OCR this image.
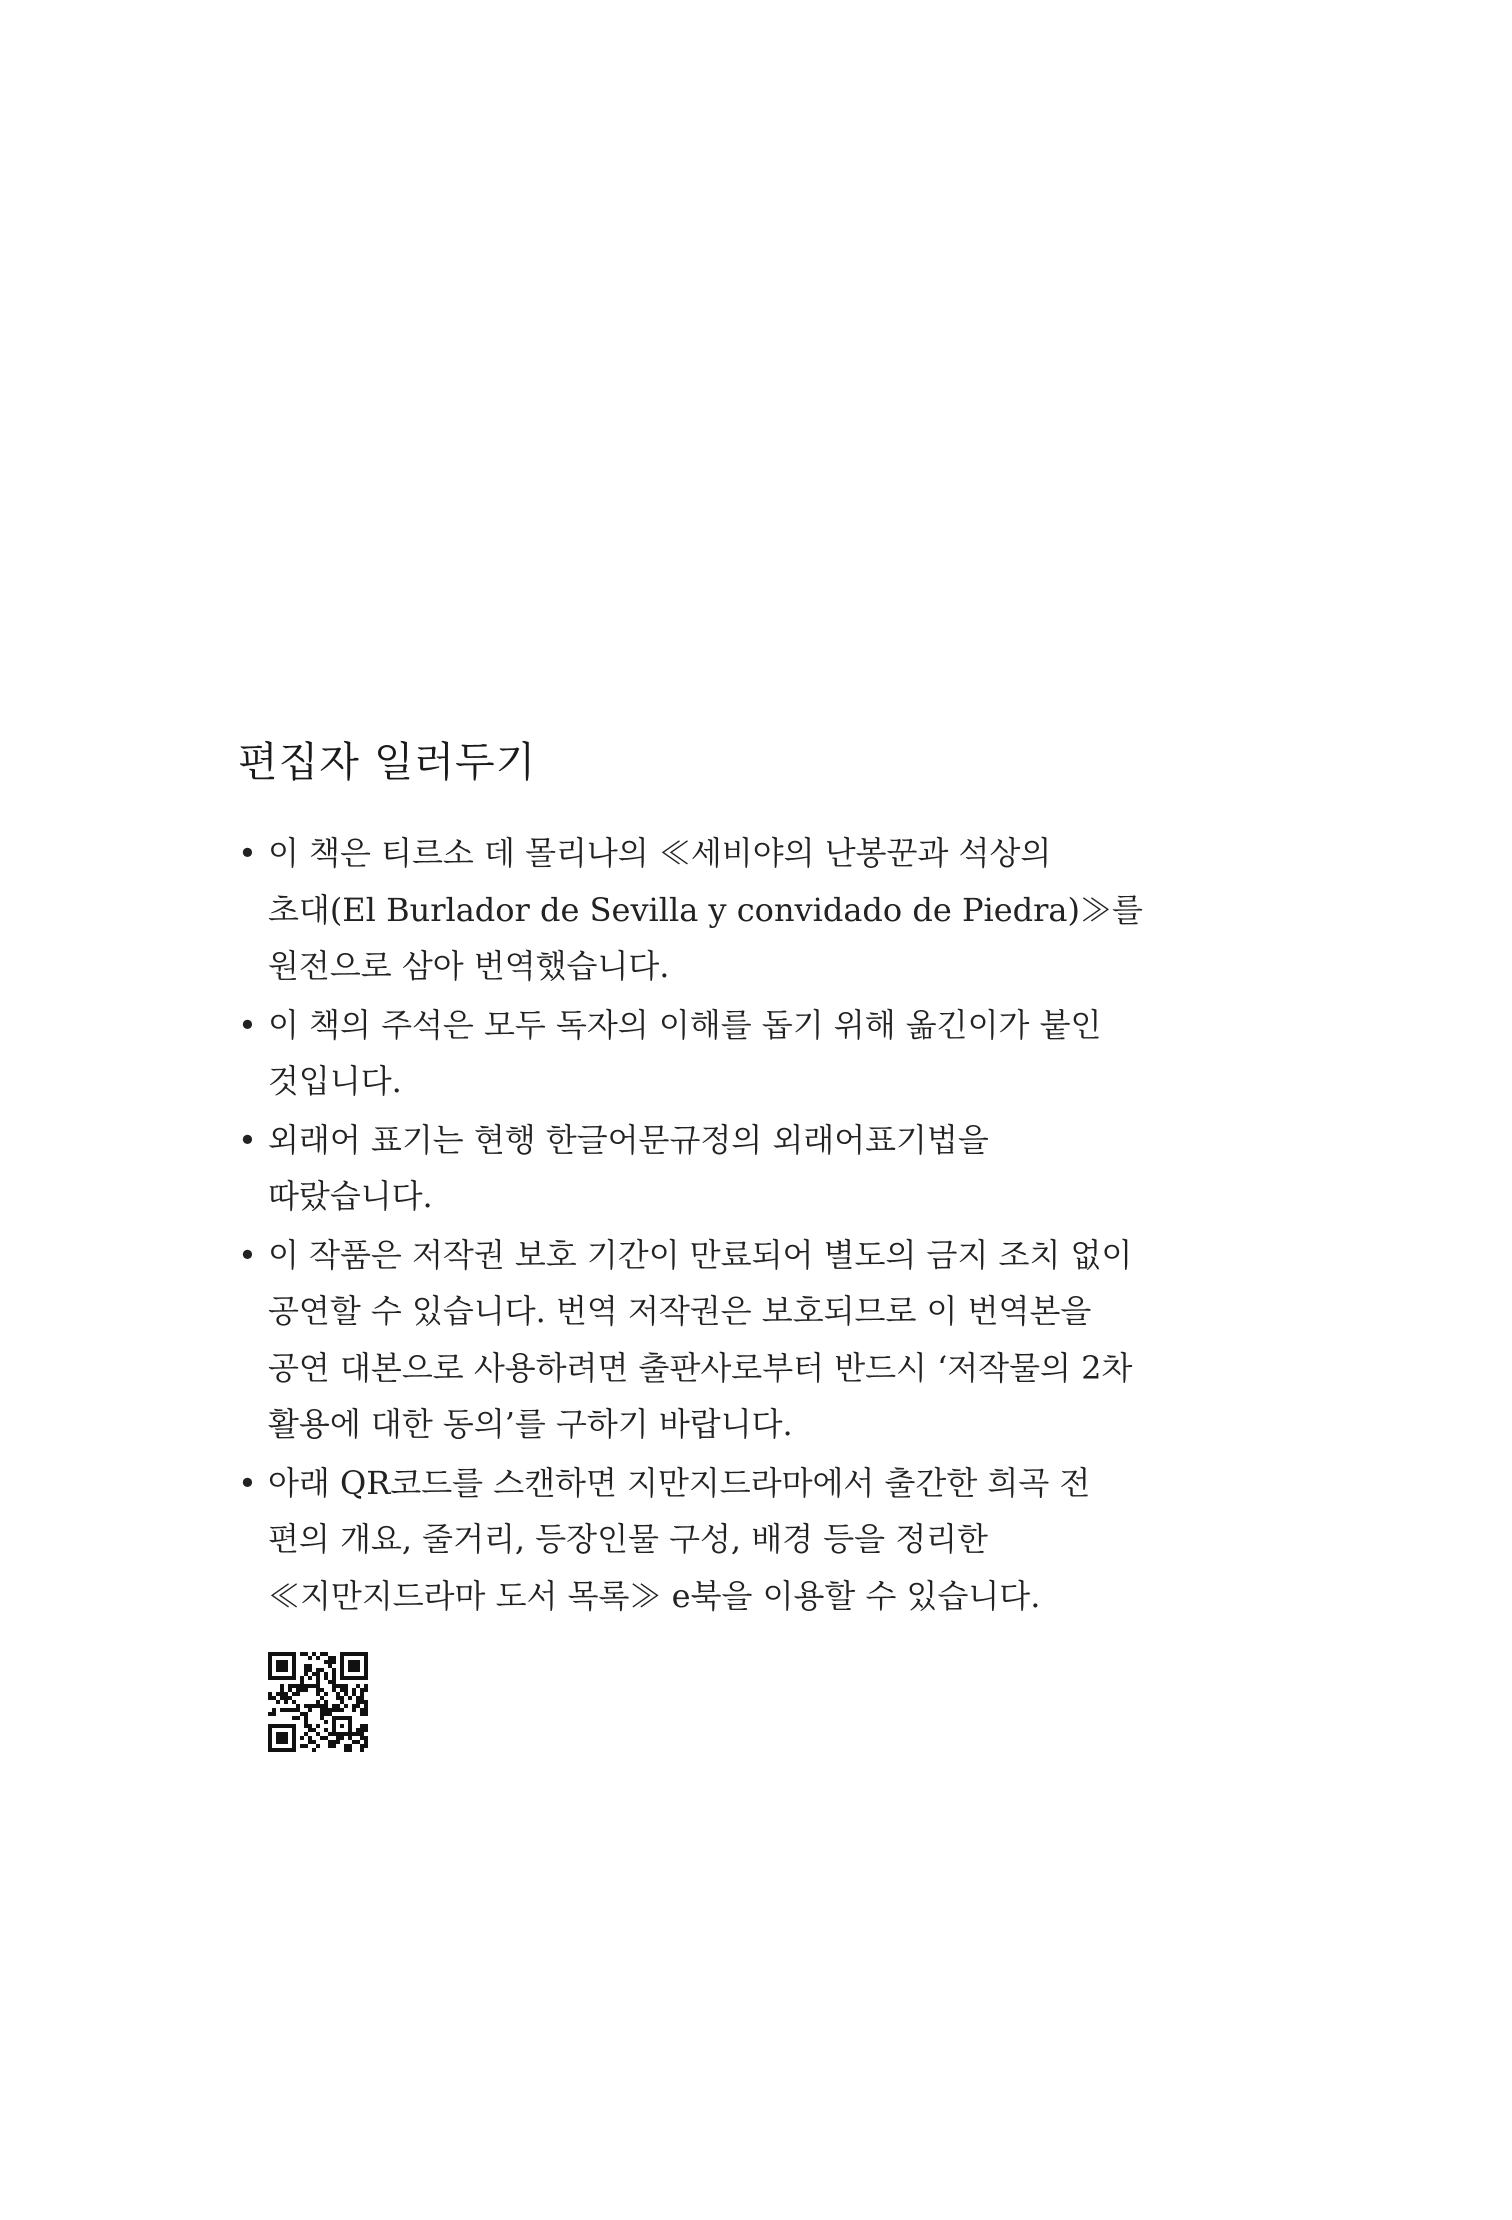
편집자 일러두기
• 이 책은 티르소 데 몰리나의 ≪세비야의 난봉꾼과 석상의
초대(El Burlador de Sevilla y convidado de Piedra)≫를
원전으로 삼아 번역했습니다.
• 이 책의 주석은 모두 독자의 이해를 돕기 위해 옮긴이가 붙인
것입니다.
• 외래어 표기는 현행 한글어문규정의 외래어표기법을
따랐습니다.
• 이 작품은 저작권 보호 기간이 만료되어 별도의 금지 조치 없이
공연할 수 있습니다. 번역 저작권은 보호되므로 이 번역본을
공연 대본으로 사용하려면 출판사로부터 반드시 ‘저작물의 2차
활용에 대한 동의’를 구하기 바랍니다.
• 아래 QR코드를 스캔하면 지만지드라마에서 출간한 희곡 전
편의 개요, 줄거리, 등장인물 구성, 배경 등을 정리한
≪지만지드라마 도서 목록≫ e북을 이용할 수 있습니다.
